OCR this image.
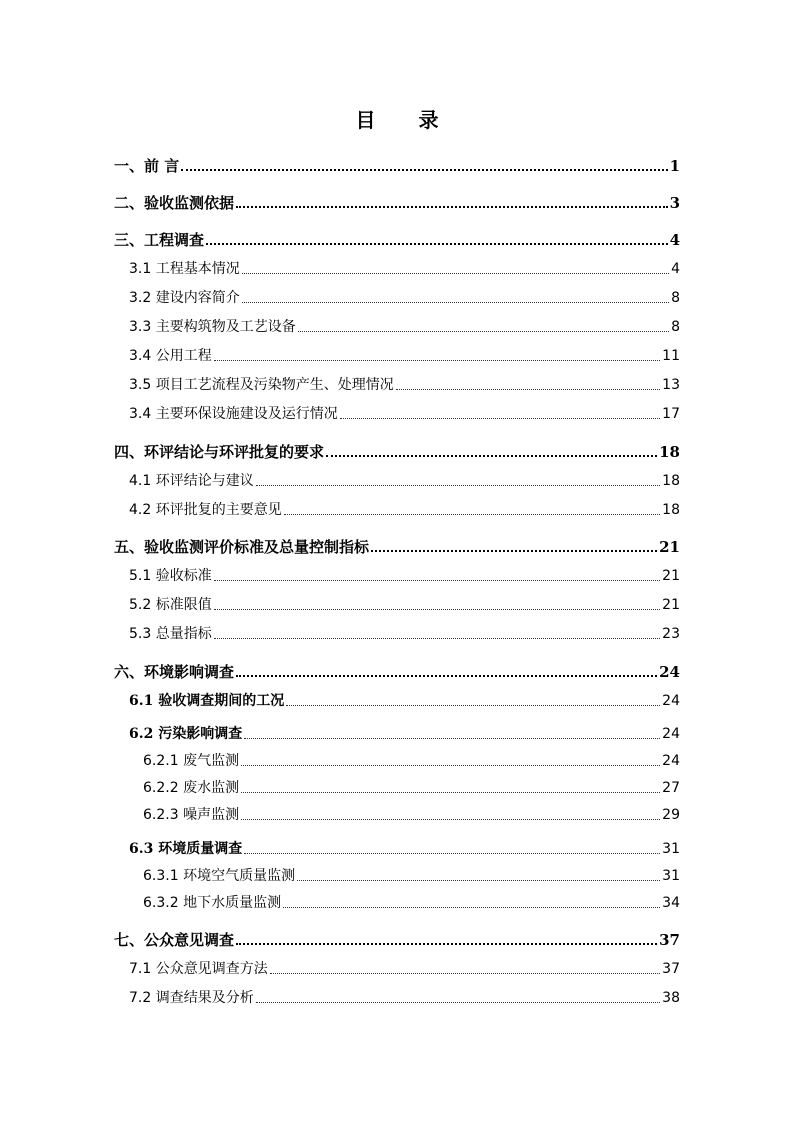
目 录
一、前 言	1
二、验收监测依据	3
三、工程调查	4
3.1 工程基本情况	4
3.2 建设内容简介	8
3.3 主要构筑物及工艺设备	8
3.4 公用工程	11
3.5 项目工艺流程及污染物产生、处理情况	13
3.4 主要环保设施建设及运行情况	17
四、环评结论与环评批复的要求	18
4.1 环评结论与建议	18
4.2 环评批复的主要意见	18
五、验收监测评价标准及总量控制指标	21
5.1 验收标准	21
5.2 标准限值	21
5.3 总量指标	23
六、环境影响调查	24
6.1 验收调查期间的工况	24
6.2 污染影响调查	24
6.2.1 废气监测	24
6.2.2 废水监测	27
6.2.3 噪声监测	29
6.3 环境质量调查	31
6.3.1 环境空气质量监测	31
6.3.2 地下水质量监测	34
七、公众意见调查	37
7.1 公众意见调查方法	37
7.2 调查结果及分析	38
